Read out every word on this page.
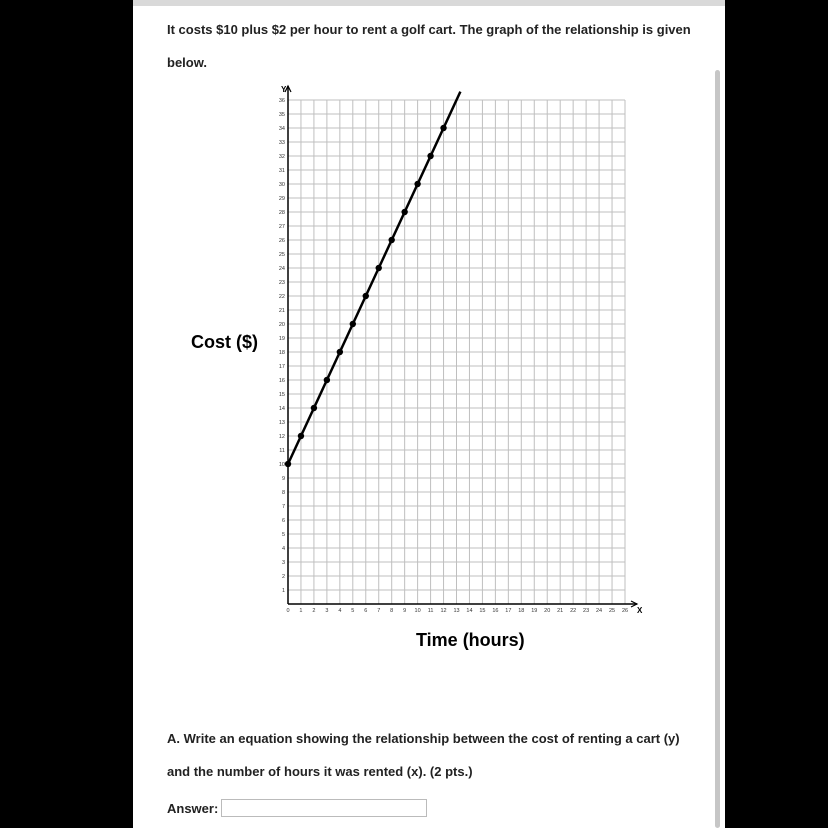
It costs $10 plus $2 per hour to rent a golf cart. The graph of the relationship is given
below.
Y
X
0 1 2 3 4 5 6 7 8 9 10 11 12 13 14 15 16 17 18 19 20 21 22 23 24 25 26
1
2
3
4
5
6
7
8
9
10
11
12
13
14
15
16
17
18
19
20
21
22
23
24
25
26
27
28
29
30
31
32
33
34
35
36
Cost ($)
Time (hours)
A. Write an equation showing the relationship between the cost of renting a cart (y)
and the number of hours it was rented (x). (2 pts.)
Answer:
